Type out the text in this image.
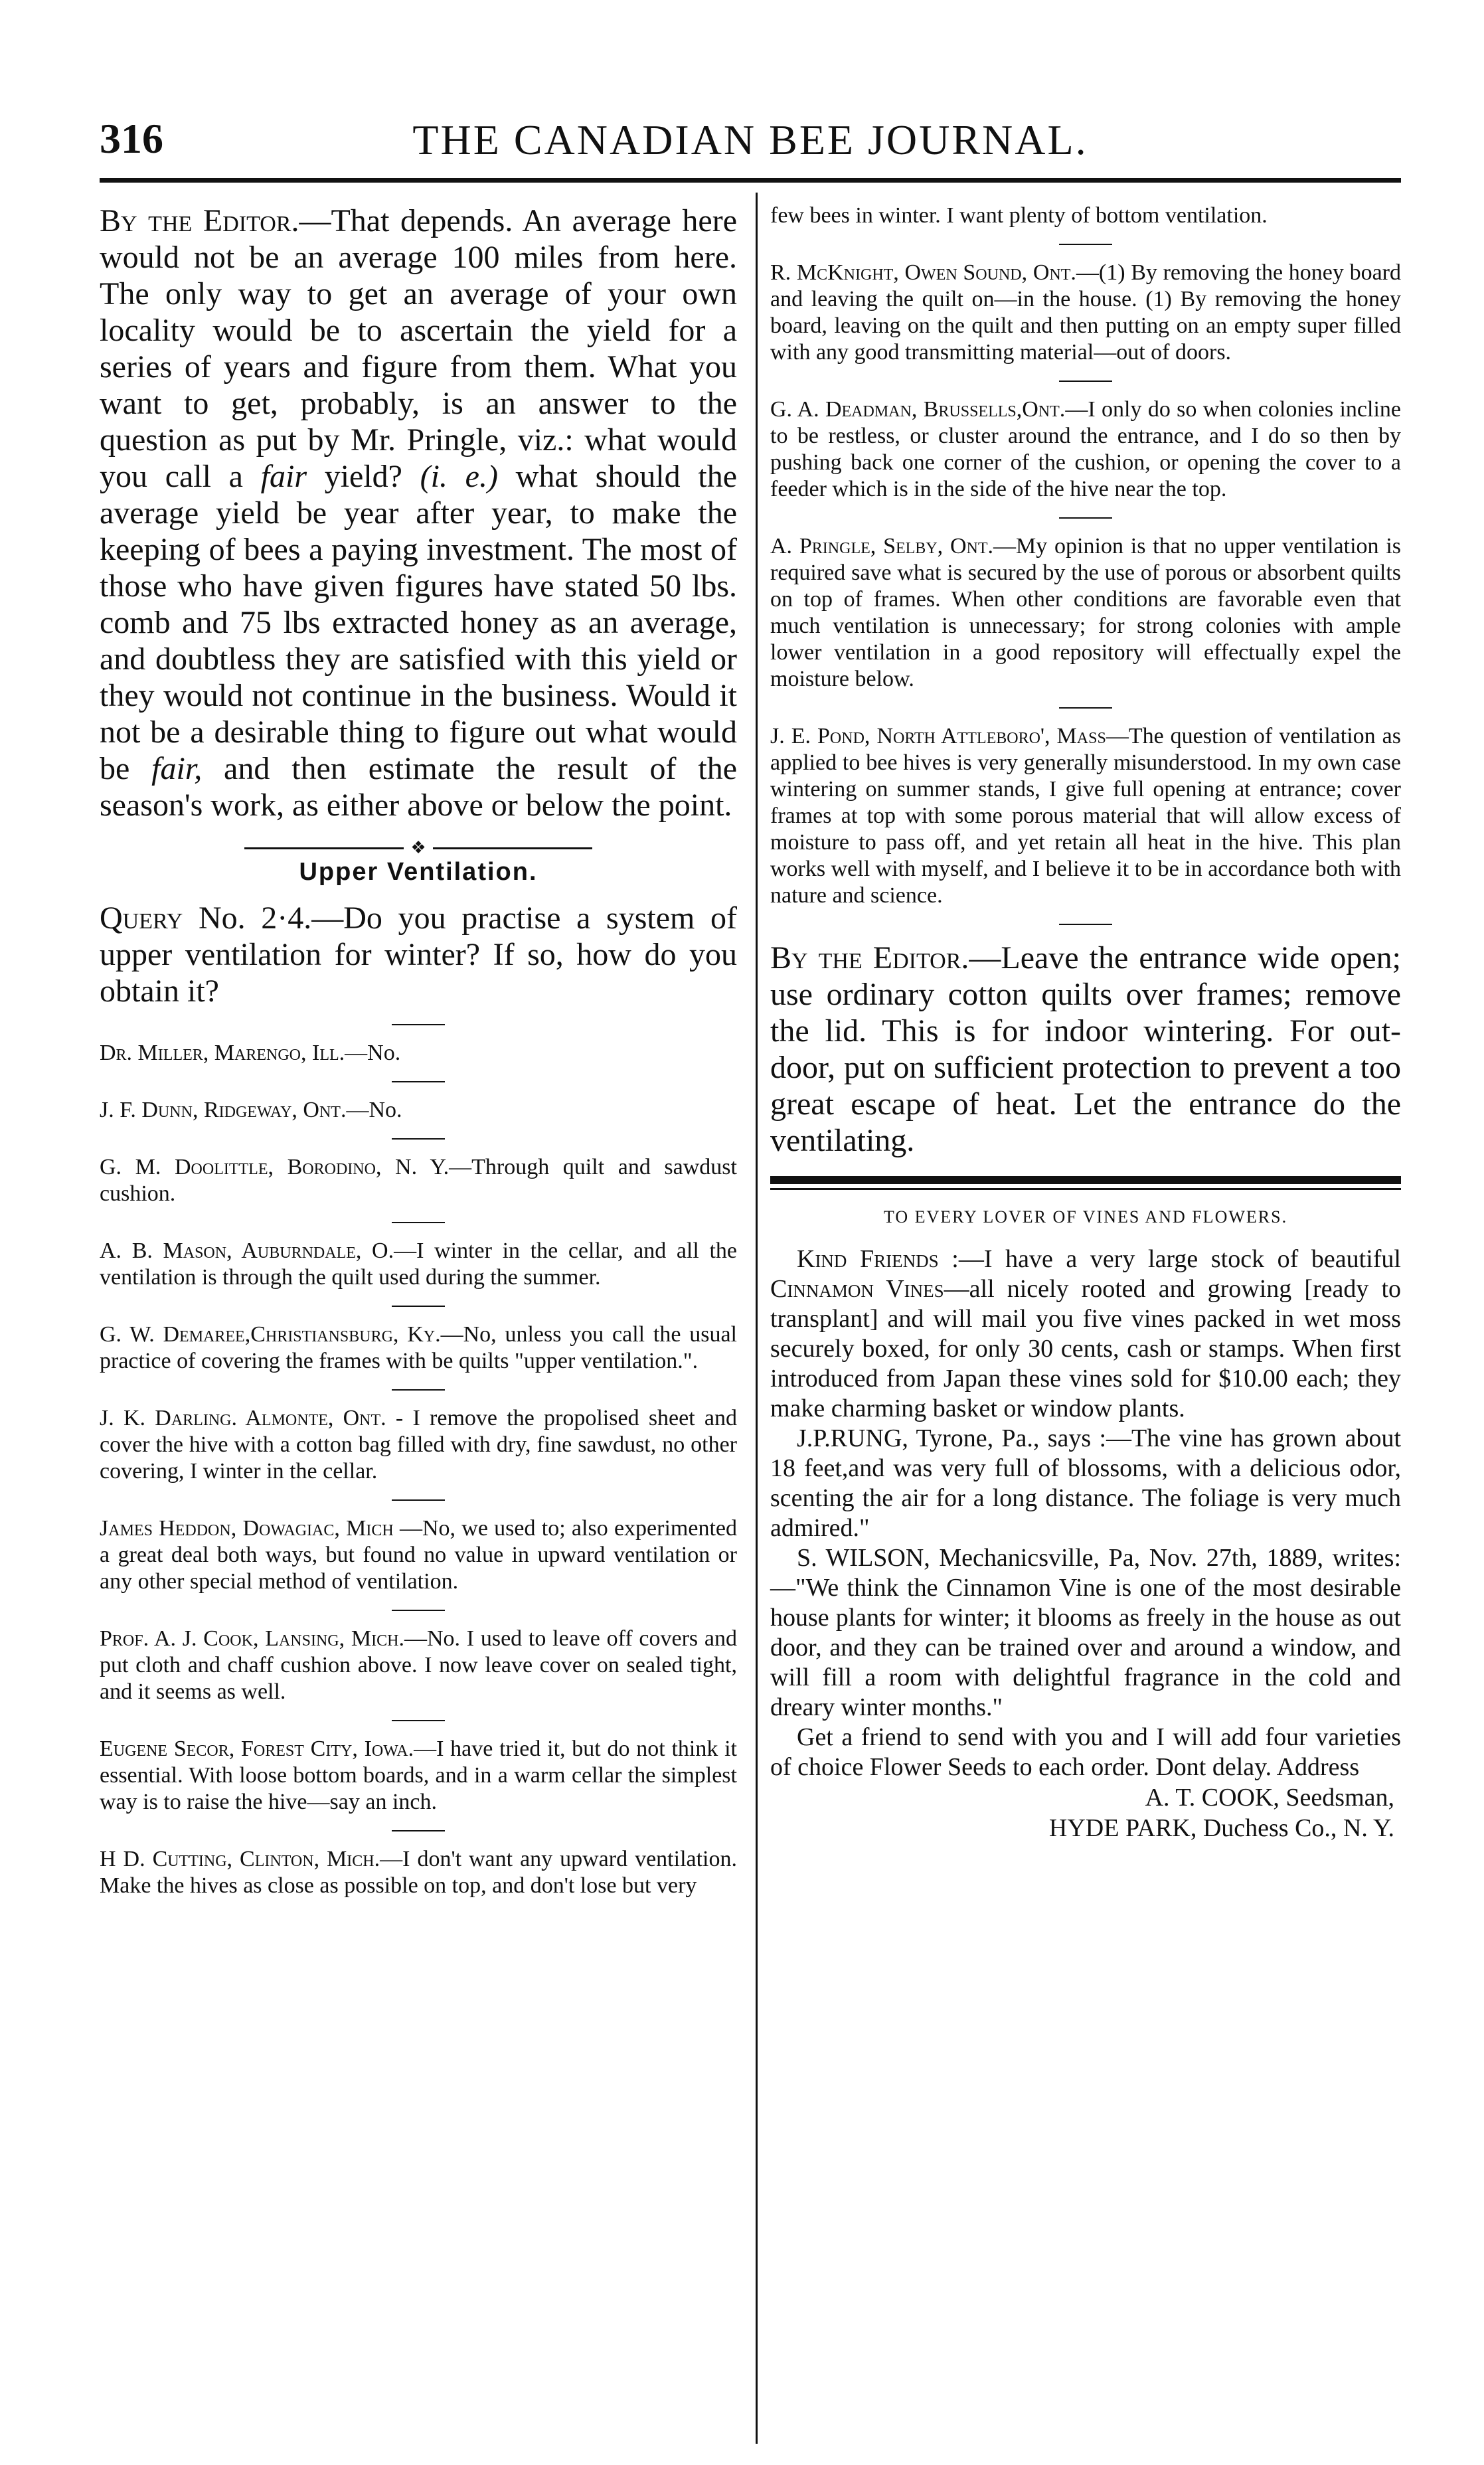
316	THE CANADIAN BEE JOURNAL.

By the Editor.—That depends. An average here would not be an average 100 miles from here. The only way to get an average of your own locality would be to ascertain the yield for a series of years and figure from them. What you want to get, probably, is an answer to the question as put by Mr. Pringle, viz.: what would you call a fair yield? (i. e.) what should the average yield be year after year, to make the keeping of bees a paying investment. The most of those who have given figures have stated 50 lbs. comb and 75 lbs extracted honey as an average, and doubtless they are satisfied with this yield or they would not continue in the business. Would it not be a desirable thing to figure out what would be fair, and then estimate the result of the season's work, as either above or below the point.

❖
Upper Ventilation.

Query No. 2·4.—Do you practise a system of upper ventilation for winter? If so, how do you obtain it?

Dr. Miller, Marengo, Ill.—No.

J. F. Dunn, Ridgeway, Ont.—No.

G. M. Doolittle, Borodino, N. Y.—Through quilt and sawdust cushion.

A. B. Mason, Auburndale, O.—I winter in the cellar, and all the ventilation is through the quilt used during the summer.

G. W. Demaree,Christiansburg, Ky.—No, unless you call the usual practice of covering the frames with be quilts "upper ventilation.".

J. K. Darling. Almonte, Ont. - I remove the propolised sheet and cover the hive with a cotton bag filled with dry, fine sawdust, no other covering, I winter in the cellar.

James Heddon, Dowagiac, Mich —No, we used to; also experimented a great deal both ways, but found no value in upward ventilation or any other special method of ventilation.

Prof. A. J. Cook, Lansing, Mich.—No. I used to leave off covers and put cloth and chaff cushion above. I now leave cover on sealed tight, and it seems as well.

Eugene Secor, Forest City, Iowa.—I have tried it, but do not think it essential. With loose bottom boards, and in a warm cellar the simplest way is to raise the hive—say an inch.

H D. Cutting, Clinton, Mich.—I don't want any upward ventilation. Make the hives as close as possible on top, and don't lose but very

few bees in winter. I want plenty of bottom ventilation.

R. McKnight, Owen Sound, Ont.—(1) By removing the honey board and leaving the quilt on—in the house. (1) By removing the honey board, leaving on the quilt and then putting on an empty super filled with any good transmitting material—out of doors.

G. A. Deadman, Brussells,Ont.—I only do so when colonies incline to be restless, or cluster around the entrance, and I do so then by pushing back one corner of the cushion, or opening the cover to a feeder which is in the side of the hive near the top.

A. Pringle, Selby, Ont.—My opinion is that no upper ventilation is required save what is secured by the use of porous or absorbent quilts on top of frames. When other conditions are favorable even that much ventilation is unnecessary; for strong colonies with ample lower ventilation in a good repository will effectually expel the moisture below.

J. E. Pond, North Attleboro', Mass—The question of ventilation as applied to bee hives is very generally misunderstood. In my own case wintering on summer stands, I give full opening at entrance; cover frames at top with some porous material that will allow excess of moisture to pass off, and yet retain all heat in the hive. This plan works well with myself, and I believe it to be in accordance both with nature and science.

By the Editor.—Leave the entrance wide open; use ordinary cotton quilts over frames; remove the lid. This is for indoor wintering. For out-door, put on sufficient protection to prevent a too great escape of heat. Let the entrance do the ventilating.

TO EVERY LOVER OF VINES AND FLOWERS.

Kind Friends :—I have a very large stock of beautiful Cinnamon Vines—all nicely rooted and growing [ready to transplant] and will mail you five vines packed in wet moss securely boxed, for only 30 cents, cash or stamps. When first introduced from Japan these vines sold for $10.00 each; they make charming basket or window plants.

J.P.RUNG, Tyrone, Pa., says :—The vine has grown about 18 feet,and was very full of blossoms, with a delicious odor, scenting the air for a long distance. The foliage is very much admired."

S. WILSON, Mechanicsville, Pa, Nov. 27th, 1889, writes:—"We think the Cinnamon Vine is one of the most desirable house plants for winter; it blooms as freely in the house as out door, and they can be trained over and around a window, and will fill a room with delightful fragrance in the cold and dreary winter months."

Get a friend to send with you and I will add four varieties of choice Flower Seeds to each order. Dont delay. Address

A. T. COOK, Seedsman,
HYDE PARK, Duchess Co., N. Y.
